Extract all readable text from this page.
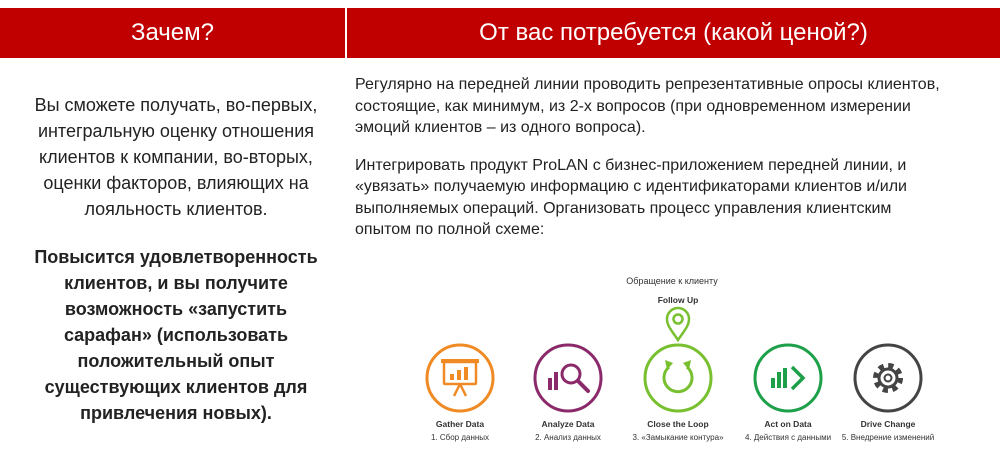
Зачем?	От вас потребуется (какой ценой?)

Вы сможете получать, во-первых,

интегральную оценку отношения

клиентов к компании, во-вторых,

оценки факторов, влияющих на

лояльность клиентов.

Повысится удовлетворенность

клиентов, и вы получите

возможность «запустить

сарафан» (использовать

положительный опыт

существующих клиентов для

привлечения новых).

Регулярно на передней линии проводить репрезентативные опросы клиентов,
состоящие, как минимум, из 2-х вопросов (при одновременном измерении
эмоций клиентов – из одного вопроса).

Интегрировать продукт ProLAN с бизнес-приложением передней линии, и
«увязать» получаемую информацию с идентификаторами клиентов и/или
выполняемых операций. Организовать процесс управления клиентским
опытом по полной схеме:

Обращение к клиенту
Follow Up
Gather Data
1. Сбор данных
Analyze Data
2. Анализ данных
Close the Loop
3. «Замыкание контура»
Act on Data
4. Действия с данными
Drive Change
5. Внедрение изменений
